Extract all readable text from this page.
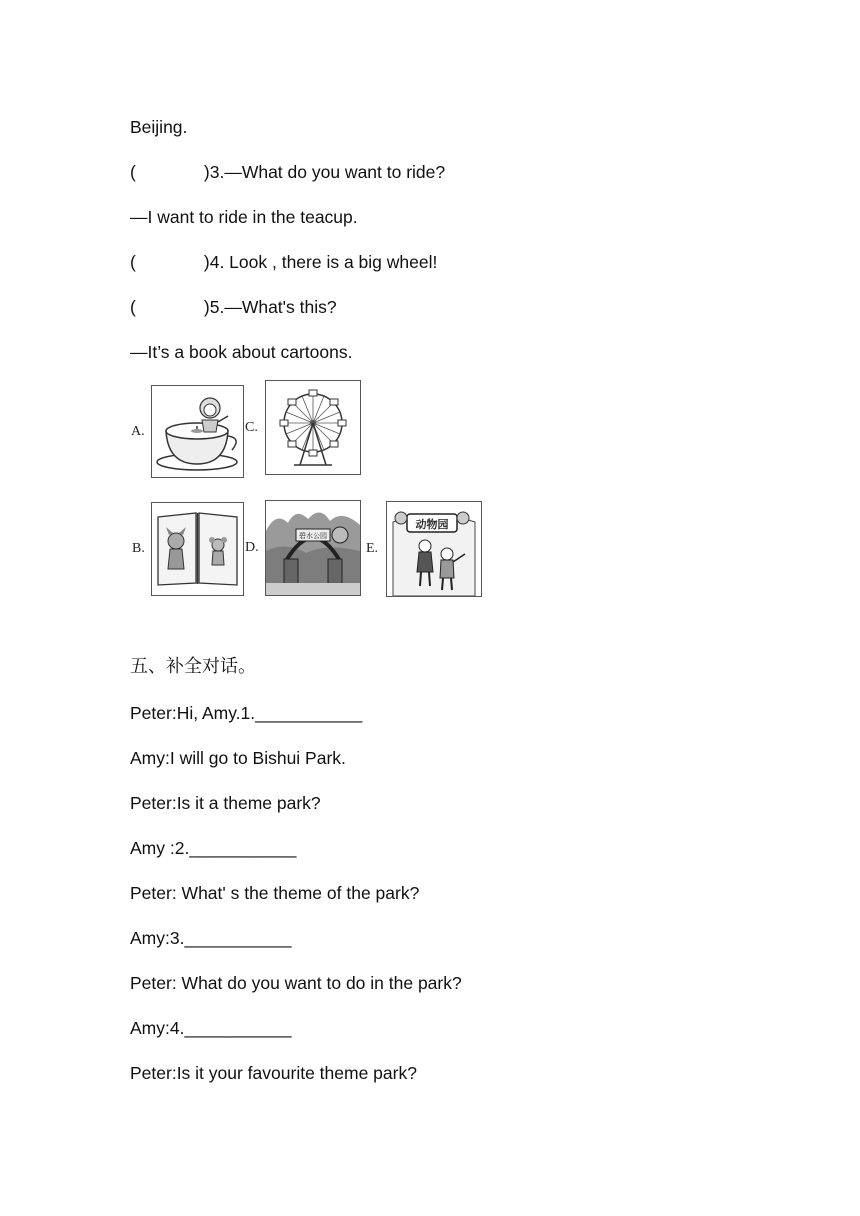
Beijing.
(              )3.—What do you want to ride?
—I want to ride in the teacup.
(              )4. Look , there is a big wheel!
(              )5.—What's this?
—It’s a book about cartoons.
A.	C.
B.	D.	E.
碧水公园
动物园
五、补全对话。
Peter:Hi, Amy.1.___________
Amy:I will go to Bishui Park.
Peter:Is it a theme park?
Amy :2.___________
Peter: What' s the theme of the park?
Amy:3.___________
Peter: What do you want to do in the park?
Amy:4.___________
Peter:Is it your favourite theme park?
